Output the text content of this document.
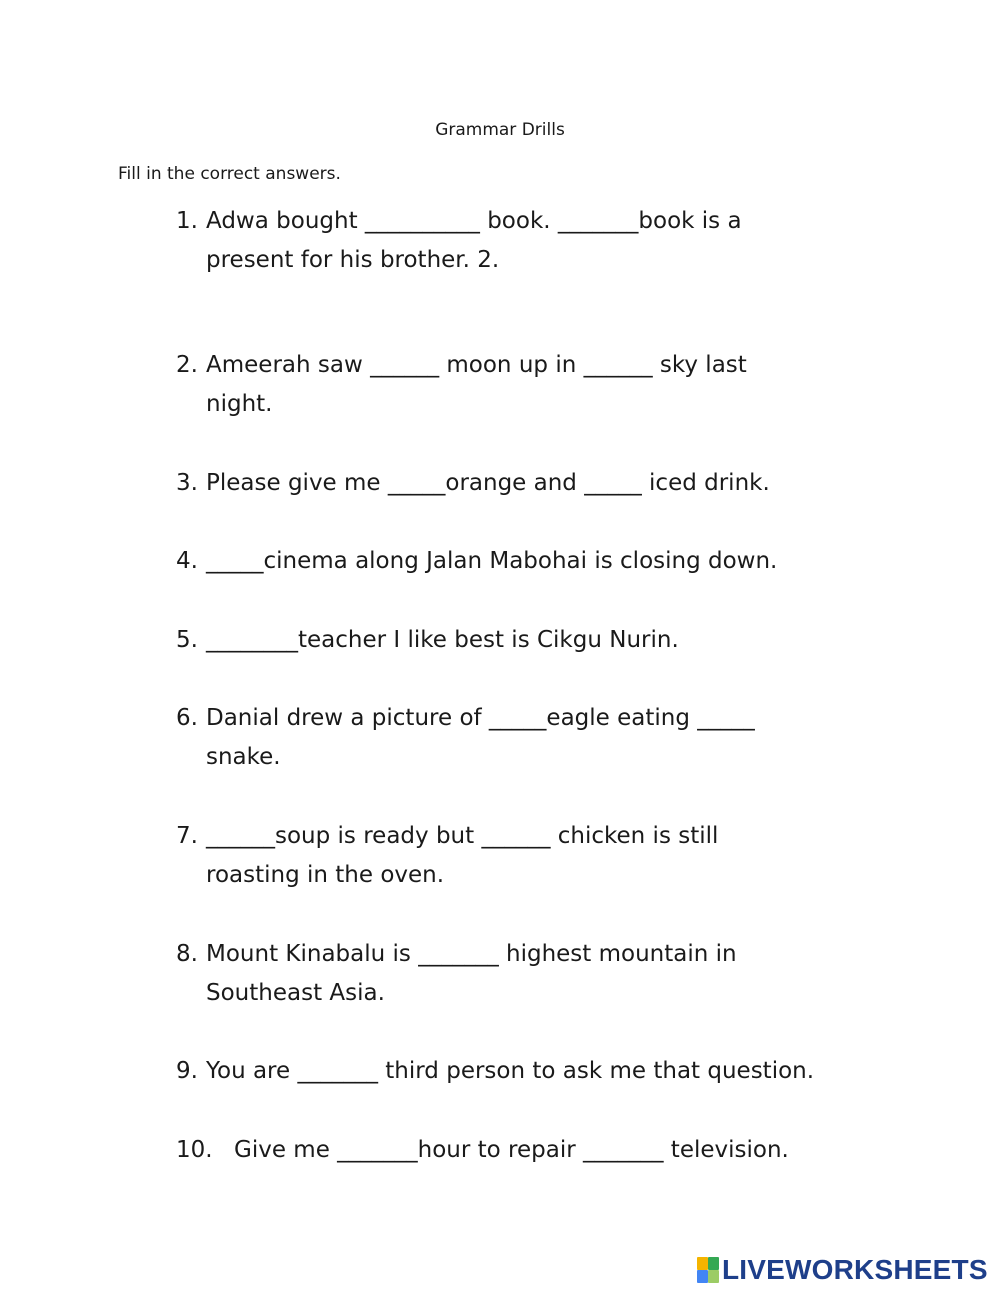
Grammar Drills
Fill in the correct answers.
1. Adwa bought __________ book. _______book is a
present for his brother. 2.
2. Ameerah saw ______ moon up in ______ sky last
night.
3. Please give me _____orange and _____ iced drink.
4. _____cinema along Jalan Mabohai is closing down.
5. ________teacher I like best is Cikgu Nurin.
6. Danial drew a picture of _____eagle eating _____
snake.
7. ______soup is ready but ______ chicken is still
roasting in the oven.
8. Mount Kinabalu is _______ highest mountain in
Southeast Asia.
9. You are _______ third person to ask me that question.
10. Give me _______hour to repair _______ television.
LIVEWORKSHEETS
